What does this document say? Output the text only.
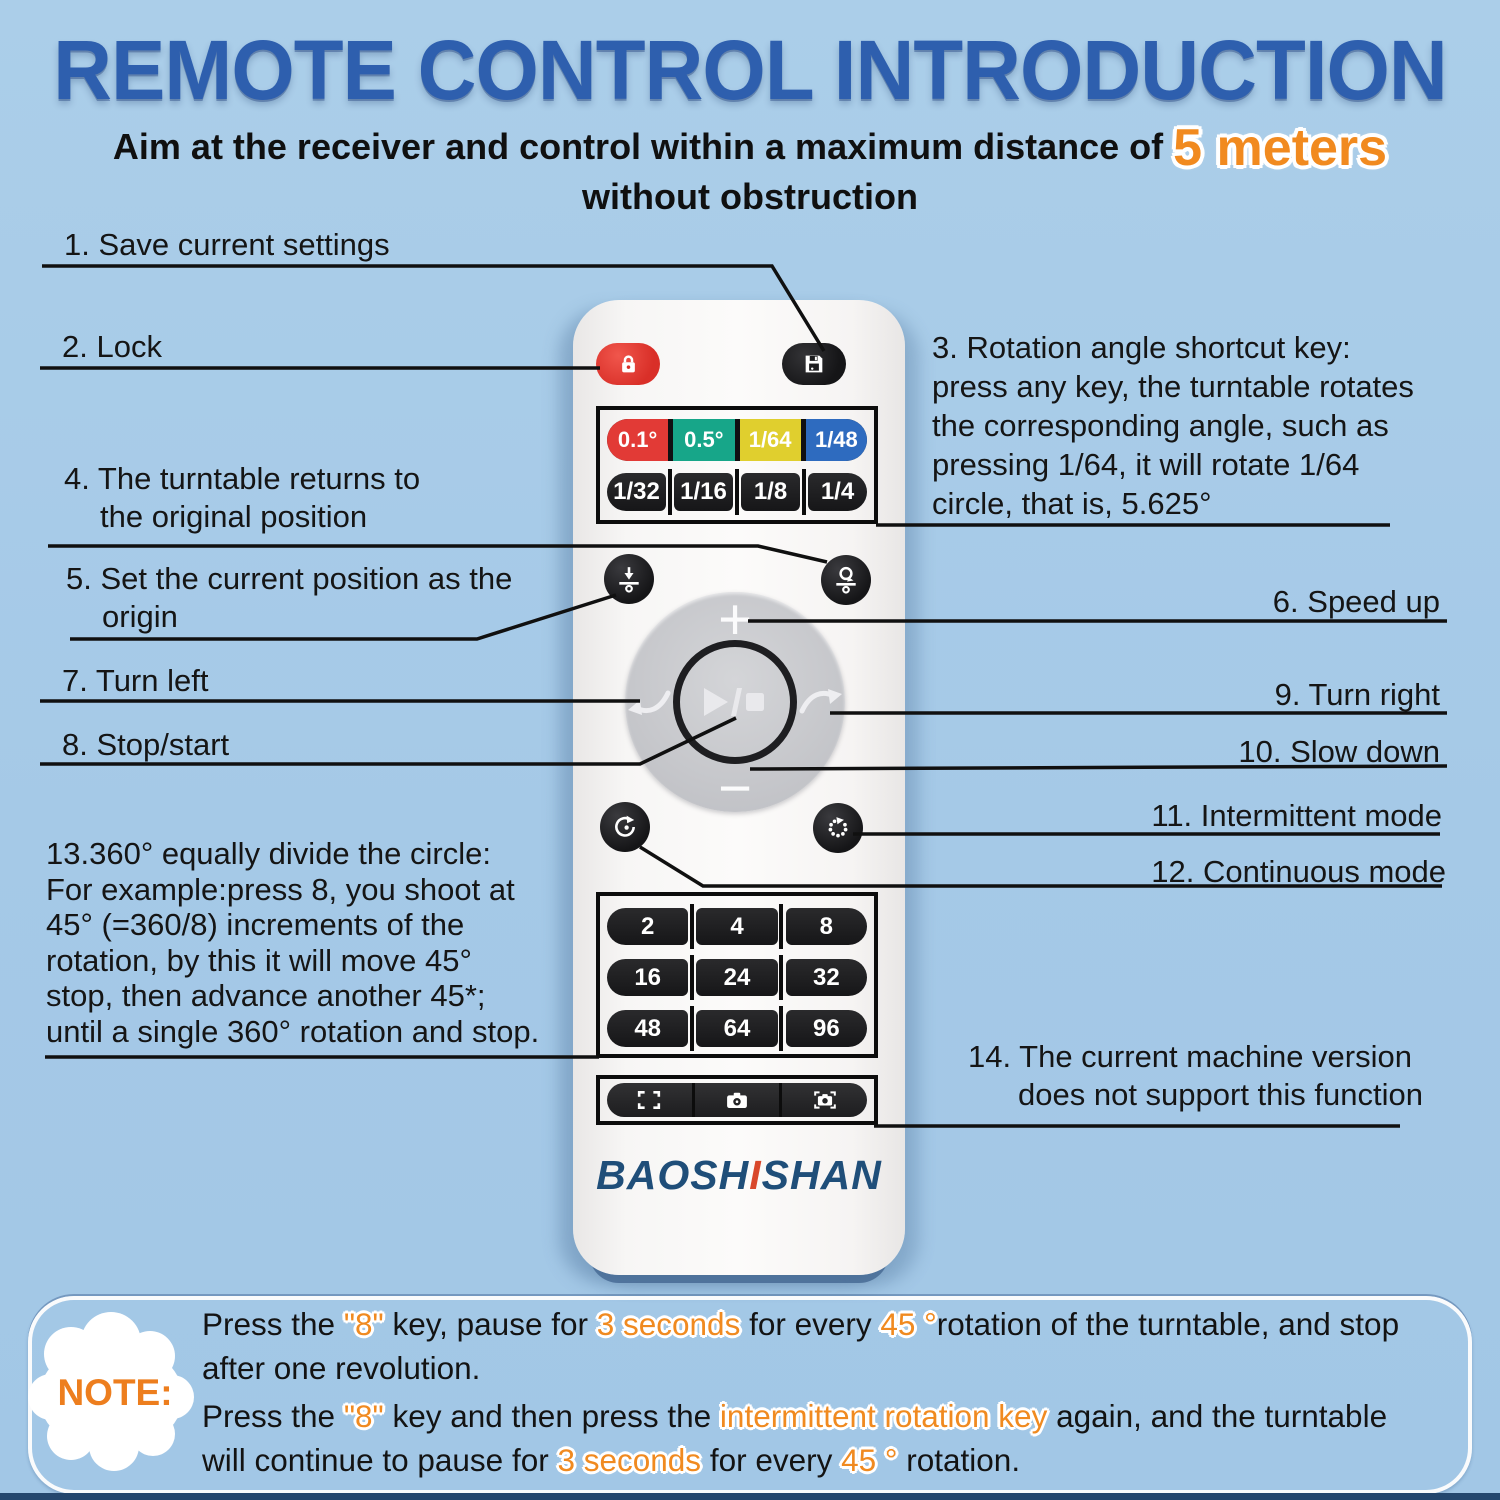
REMOTE CONTROL INTRODUCTION
Aim at the receiver and control within a maximum distance of 5 meters
without obstruction
1. Save current settings
2. Lock
4. The turntable returns to
the original position
5. Set the current position as the
origin
7. Turn left
8. Stop/start
13.360° equally divide the circle:
For example:press 8, you shoot at
45° (=360/8) increments of the
rotation, by this it will move 45°
stop, then advance another 45*;
until a single 360° rotation and stop.
3. Rotation angle shortcut key:
press any key, the turntable rotates
the corresponding angle, such as
pressing 1/64, it will rotate 1/64
circle, that is, 5.625°
6. Speed up
9. Turn right
10. Slow down
11. Intermittent mode
12. Continuous mode
14. The current machine version
does not support this function
0.1°	0.5°	1/64	1/48
1/32 1/16	1/8	1/4
+
−
2	4	8
16	24	32
48	64	96
BAOSHISHAN
NOTE:
Press the "8" key, pause for 3 seconds for every 45 °rotation of the turntable, and stop
after one revolution.
Press the "8" key and then press the intermittent rotation key again, and the turntable
will continue to pause for 3 seconds for every 45 ° rotation.
